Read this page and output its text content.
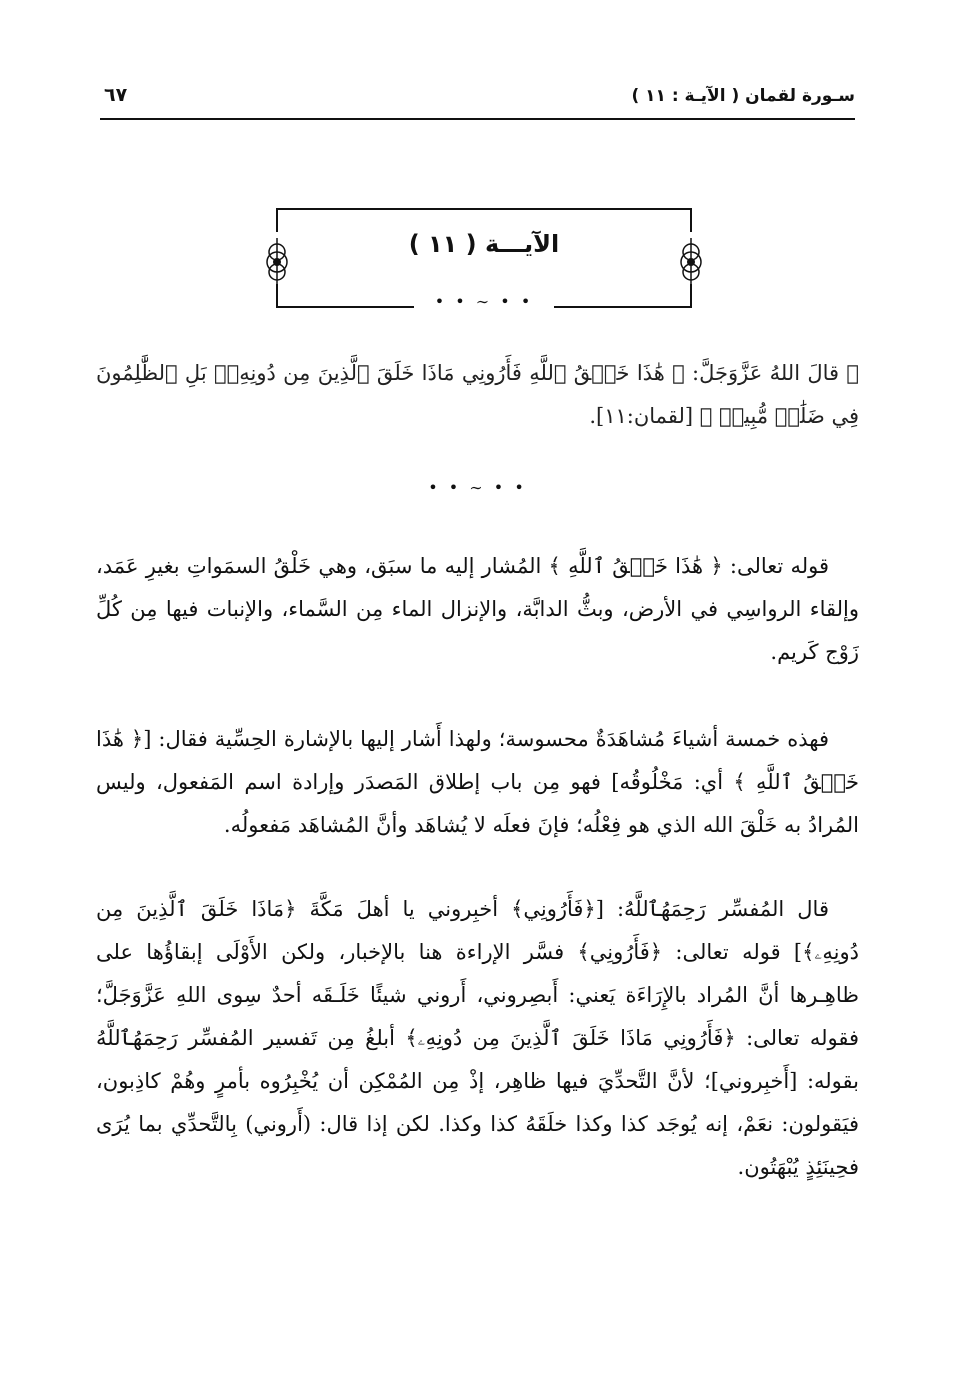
سـورة لقمان ( الآيـة : ١١ )
٦٧
الآيـــة ( ١١ )
• • ∽ • •
۞ قالَ اللهُ عَزَّوَجَلَّ: ﴿ هَٰذَا خَلۡقُ ٱللَّهِ فَأَرُونِي مَاذَا خَلَقَ ٱلَّذِينَ مِن دُونِهِۦۚ بَلِ ٱلظَّٰلِمُونَ فِي ضَلَٰلٖ مُّبِينٖ ﴾ [لقمان:١١].
• • ∽ • •
قوله تعالى: ﴿ هَٰذَا خَلۡقُ ٱللَّهِ ﴾ المُشار إليه ما سبَق، وهي خَلْقُ السمَواتِ بغيرِ عَمَد، وإلقاء الرواسِي في الأرض، وبثُّ الدابَّة، والإنزال الماء مِن السَّماء، والإنبات فيها مِن كُلِّ زَوْج كَريم.
فهذه خمسة أشياءَ مُشاهَدَةٌ محسوسة؛ ولهذا أَشار إليها بالإشارة الحِسِّية فقال: [﴿ هَٰذَا خَلۡقُ ٱللَّهِ ﴾ أي: مَخْلُوقُه] فهو مِن باب إطلاق المَصدَر وإرادة اسم المَفعول، وليس المُرادُ به خَلْقَ الله الذي هو فِعْلُه؛ فإنَ فعلَه لا يُشاهَد وأنَّ المُشاهَد مَفعولُه.
قال المُفسِّر رَحِمَهُٱللَّهُ: [﴿فَأَرُونِي﴾ أخبِروني يا أهلَ مَكَّةَ ﴿مَاذَا خَلَقَ ٱلَّذِينَ مِن دُونِهِۦ﴾] قوله تعالى: ﴿فَأَرُونِي﴾ فسَّر الإراءة هنا بالإخبار، ولكن الأَوْلَى إبقاؤُها على ظاهِـرها أنَّ المُراد بالإِرَاءَة يَعني: أَبصِروني، أَروني شيئًا خَلَـقَه أحدٌ سِوى اللهِ عَزَّوَجَلَّ؛ فقوله تعالى: ﴿فَأَرُونِي مَاذَا خَلَقَ ٱلَّذِينَ مِن دُونِهِۦ﴾ أبلغُ مِن تَفسير المُفسِّر رَحِمَهُٱللَّهُ بقوله: [أَخبِروني]؛ لأنَّ التَّحدِّيَ فيها ظاهِر، إذْ مِن المُمْكِن أن يُخْبِرُوه بأمرٍ وهُمْ كاذِبون، فيَقولون: نعَمْ، إنه يُوجَد كذا وكذا خلَقَهُ كذا وكذا. لكن إذا قال: (أَروني) بِالتَّحدِّي بما يُرَى فحِينَئِذٍ يُبْهَتُون.
